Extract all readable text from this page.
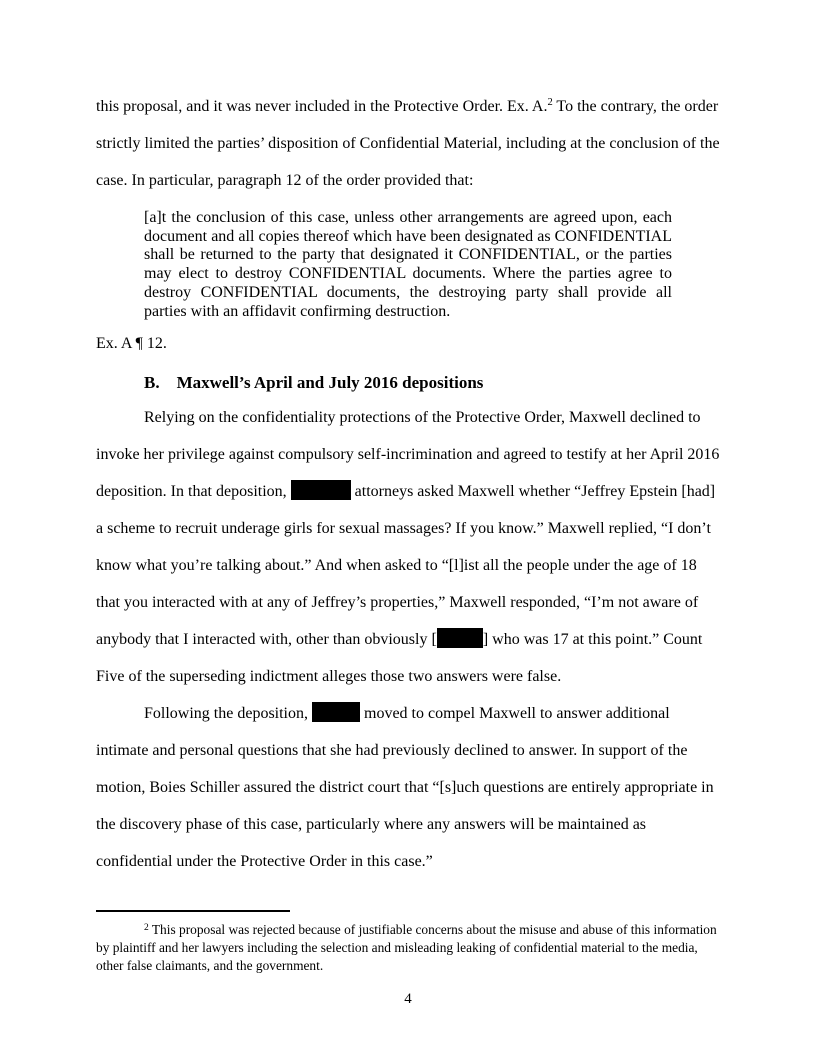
this proposal, and it was never included in the Protective Order. Ex. A.$^2$ To the contrary, the order strictly limited the parties’ disposition of Confidential Material, including at the conclusion of the case. In particular, paragraph 12 of the order provided that:

[a]t the conclusion of this case, unless other arrangements are agreed upon, each document and all copies thereof which have been designated as CONFIDENTIAL shall be returned to the party that designated it CONFIDENTIAL, or the parties may elect to destroy CONFIDENTIAL documents. Where the parties agree to destroy CONFIDENTIAL documents, the destroying party shall provide all parties with an affidavit confirming destruction.

Ex. A ¶ 12.

B. Maxwell’s April and July 2016 depositions

Relying on the confidentiality protections of the Protective Order, Maxwell declined to invoke her privilege against compulsory self-incrimination and agreed to testify at her April 2016 deposition. In that deposition,	attorneys asked Maxwell whether “Jeffrey Epstein [had] a scheme to recruit underage girls for sexual massages? If you know.” Maxwell replied, “I don’t know what you’re talking about.” And when asked to “[l]ist all the people under the age of 18 that you interacted with at any of Jeffrey’s properties,” Maxwell responded, “I’m not aware of anybody that I interacted with, other than obviously [	] who was 17 at this point.” Count Five of the superseding indictment alleges those two answers were false.

Following the deposition,	moved to compel Maxwell to answer additional intimate and personal questions that she had previously declined to answer. In support of the motion, Boies Schiller assured the district court that “[s]uch questions are entirely appropriate in the discovery phase of this case, particularly where any answers will be maintained as confidential under the Protective Order in this case.”

$^2$ This proposal was rejected because of justifiable concerns about the misuse and abuse of this information by plaintiff and her lawyers including the selection and misleading leaking of confidential material to the media, other false claimants, and the government.
4
